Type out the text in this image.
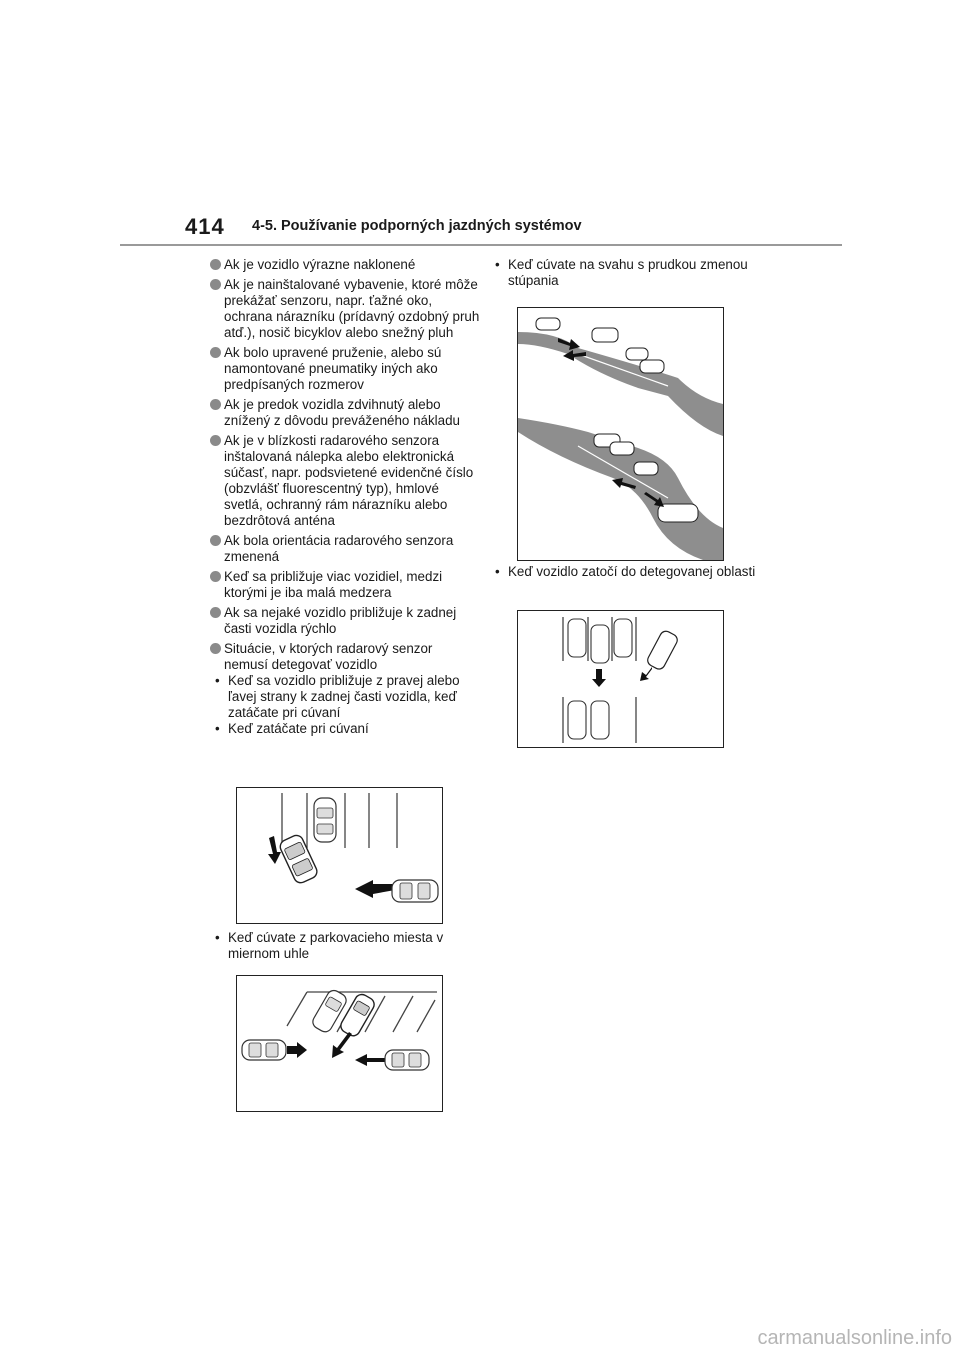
414 4-5. Používanie podporných jazdných systémov
Ak je vozidlo výrazne naklonené
Ak je nainštalované vybavenie, ktoré môže prekážať senzoru, napr. ťažné oko, ochrana nárazníku (prídavný ozdobný pruh atď.), nosič bicyklov alebo snežný pluh
Ak bolo upravené pruženie, alebo sú namontované pneumatiky iných ako predpísaných rozmerov
Ak je predok vozidla zdvihnutý alebo znížený z dôvodu preváženého nákladu
Ak je v blízkosti radarového senzora inštalovaná nálepka alebo elektronická súčasť, napr. podsvietené evidenčné číslo (obzvlášť fluorescentný typ), hmlové svetlá, ochranný rám nárazníku alebo bezdrôtová anténa
Ak bola orientácia radarového senzora zmenená
Keď sa približuje viac vozidiel, medzi ktorými je iba malá medzera
Ak sa nejaké vozidlo približuje k zadnej časti vozidla rýchlo
Situácie, v ktorých radarový senzor nemusí detegovať vozidlo
• Keď sa vozidlo približuje z pravej alebo ľavej strany k zadnej časti vozidla, keď zatáčate pri cúvaní
• Keď zatáčate pri cúvaní
• Keď cúvate z parkovacieho miesta v miernom uhle
• Keď cúvate na svahu s prudkou zmenou stúpania
• Keď vozidlo zatočí do detegovanej oblasti
carmanualsonline.info
